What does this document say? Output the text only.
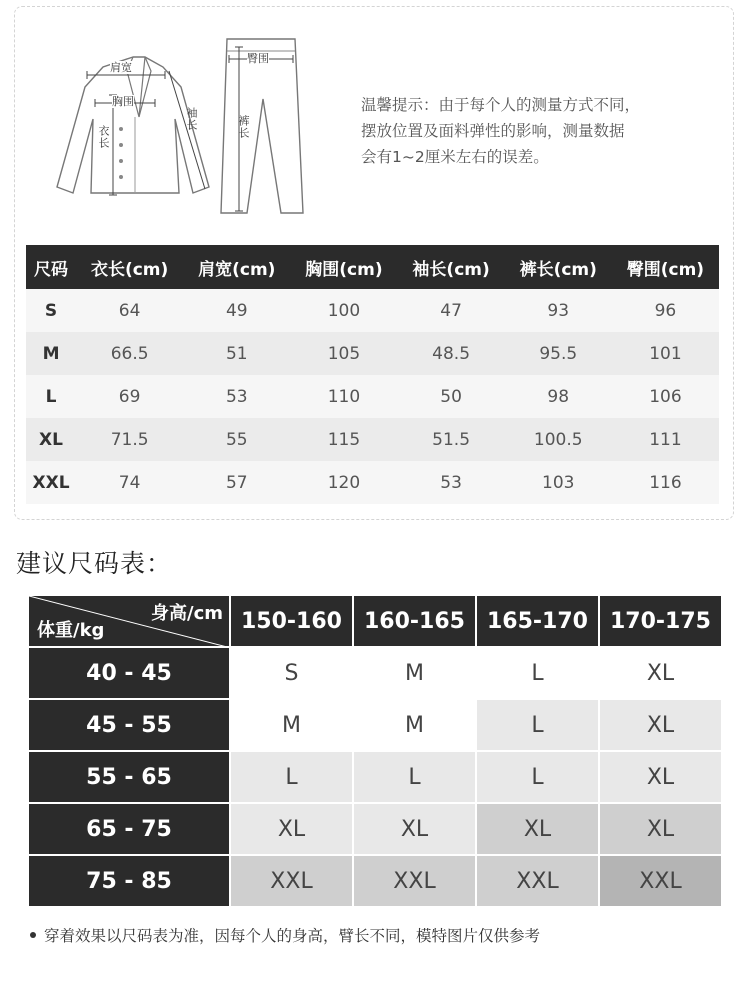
肩宽
胸围
衣长
袖长
臀围
裤长
温馨提示：由于每个人的测量方式不同，
摆放位置及面料弹性的影响，测量数据
会有1~2厘米左右的误差。
尺码	衣长(cm)	肩宽(cm)	胸围(cm)	袖长(cm)	裤长(cm)	臀围(cm)
S	64	49	100	47	93	96
M	66.5	51	105	48.5	95.5	101
L	69	53	110	50	98	106
XL	71.5	55	115	51.5	100.5	111
XXL	74	57	120	53	103	116
建议尺码表：
身高/cm
体重/kg	150-160	160-165	165-170	170-175
40 - 45	S	M	L	XL
45 - 55	M	M	L	XL
55 - 65	L	L	L	XL
65 - 75	XL	XL	XL	XL
75 - 85	XXL	XXL	XXL	XXL
穿着效果以尺码表为准，因每个人的身高，臂长不同，模特图片仅供参考
